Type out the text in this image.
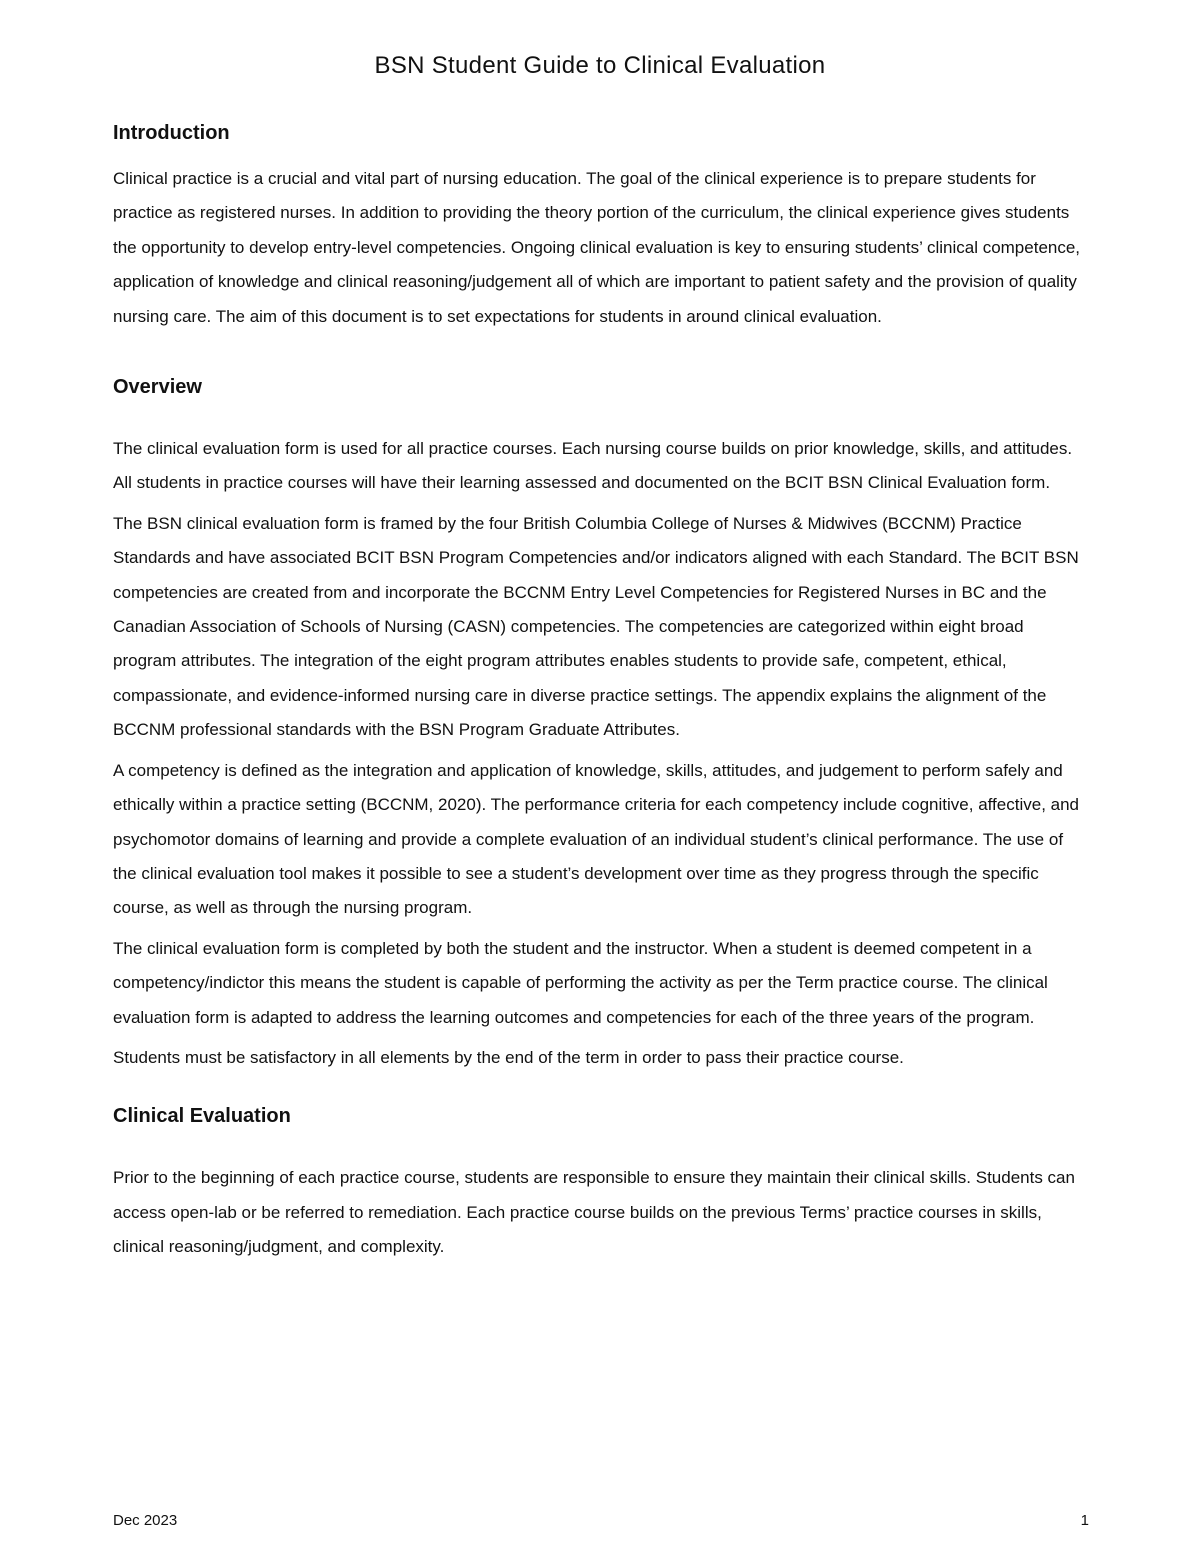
BSN Student Guide to Clinical Evaluation
Introduction

Clinical practice is a crucial and vital part of nursing education. The goal of the clinical experience is to prepare students for practice as registered nurses. In addition to providing the theory portion of the curriculum, the clinical experience gives students the opportunity to develop entry-level competencies. Ongoing clinical evaluation is key to ensuring students’ clinical competence, application of knowledge and clinical reasoning/judgement all of which are important to patient safety and the provision of quality nursing care. The aim of this document is to set expectations for students in around clinical evaluation.

Overview

The clinical evaluation form is used for all practice courses. Each nursing course builds on prior knowledge, skills, and attitudes. All students in practice courses will have their learning assessed and documented on the BCIT BSN Clinical Evaluation form.

The BSN clinical evaluation form is framed by the four British Columbia College of Nurses & Midwives (BCCNM) Practice Standards and have associated BCIT BSN Program Competencies and/or indicators aligned with each Standard. The BCIT BSN competencies are created from and incorporate the BCCNM Entry Level Competencies for Registered Nurses in BC and the Canadian Association of Schools of Nursing (CASN) competencies. The competencies are categorized within eight broad program attributes. The integration of the eight program attributes enables students to provide safe, competent, ethical, compassionate, and evidence-informed nursing care in diverse practice settings. The appendix explains the alignment of the BCCNM professional standards with the BSN Program Graduate Attributes.

A competency is defined as the integration and application of knowledge, skills, attitudes, and judgement to perform safely and ethically within a practice setting (BCCNM, 2020). The performance criteria for each competency include cognitive, affective, and psychomotor domains of learning and provide a complete evaluation of an individual student’s clinical performance. The use of the clinical evaluation tool makes it possible to see a student’s development over time as they progress through the specific course, as well as through the nursing program.

The clinical evaluation form is completed by both the student and the instructor. When a student is deemed competent in a competency/indictor this means the student is capable of performing the activity as per the Term practice course. The clinical evaluation form is adapted to address the learning outcomes and competencies for each of the three years of the program.

Students must be satisfactory in all elements by the end of the term in order to pass their practice course.

Clinical Evaluation

Prior to the beginning of each practice course, students are responsible to ensure they maintain their clinical skills. Students can access open-lab or be referred to remediation. Each practice course builds on the previous Terms’ practice courses in skills, clinical reasoning/judgment, and complexity.

Dec 2023	1
